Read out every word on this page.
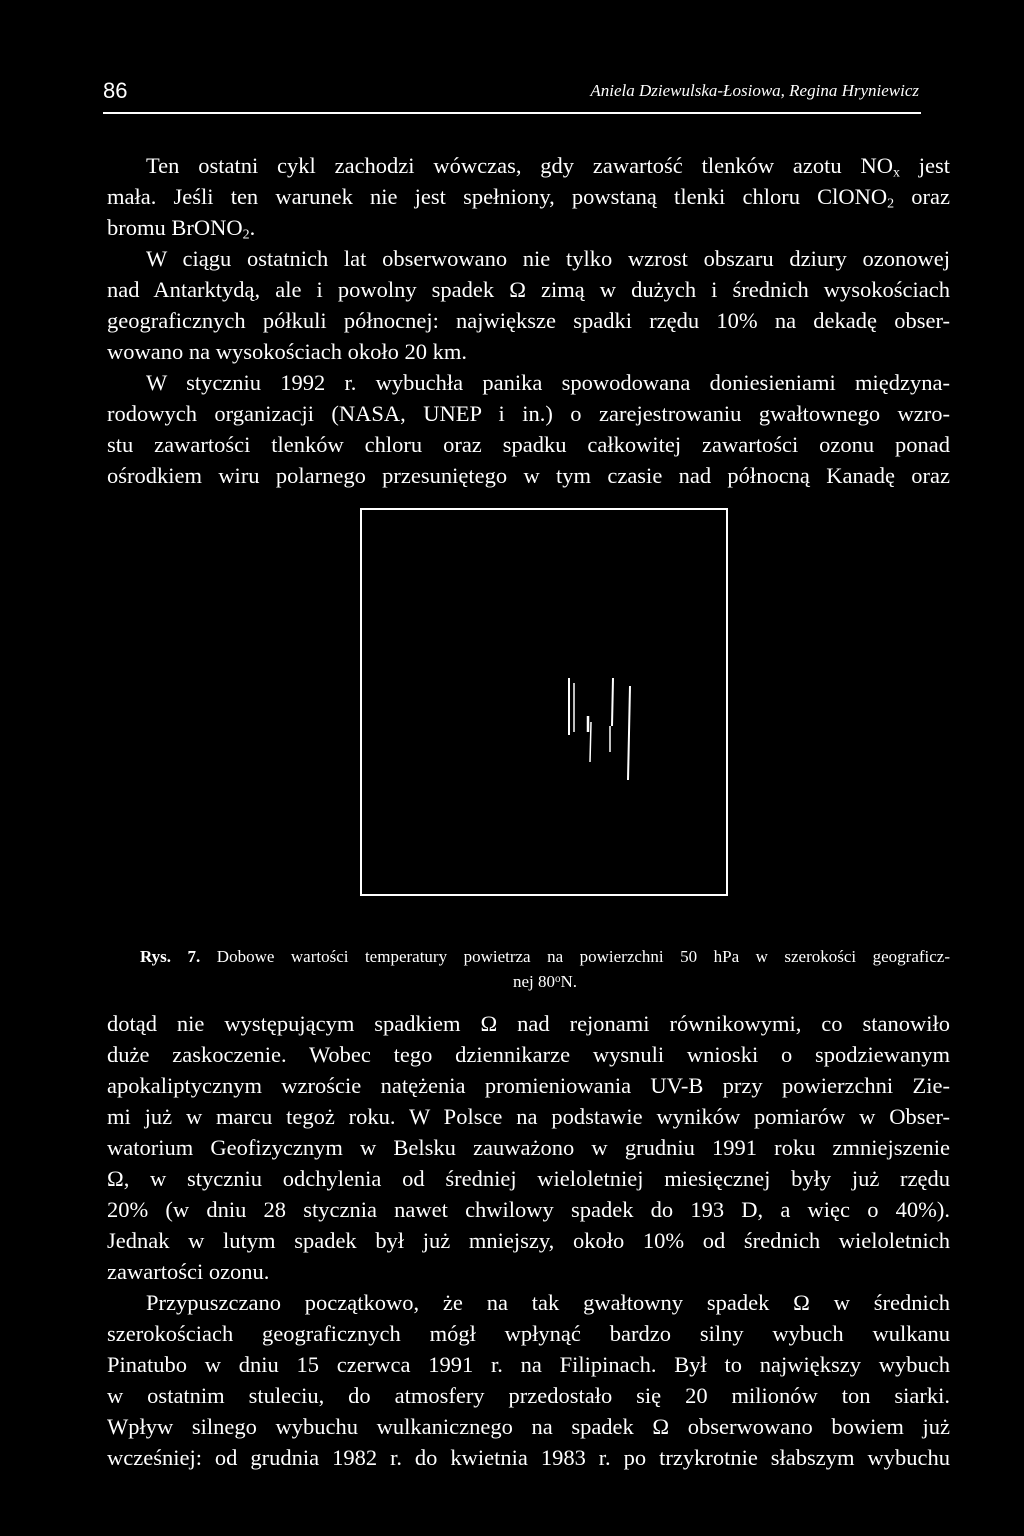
86	Aniela Dziewulska-Łosiowa, Regina Hryniewicz
Ten ostatni cykl zachodzi wówczas, gdy zawartość tlenków azotu $NO_x$ jest
mała. Jeśli ten warunek nie jest spełniony, powstaną tlenki chloru ClONO$_2$ oraz
bromu BrONO$_2$.
W ciągu ostatnich lat obserwowano nie tylko wzrost obszaru dziury ozonowej
nad Antarktydą, ale i powolny spadek Ω zimą w dużych i średnich wysokościach
geograficznych półkuli północnej: największe spadki rzędu 10% na dekadę obser-
wowano na wysokościach około 20 km.
W styczniu 1992 r. wybuchła panika spowodowana doniesieniami międzyna-
rodowych organizacji (NASA, UNEP i in.) o zarejestrowaniu gwałtownego wzro-
stu zawartości tlenków chloru oraz spadku całkowitej zawartości ozonu ponad
ośrodkiem wiru polarnego przesuniętego w tym czasie nad północną Kanadę oraz
Rys. 7. Dobowe wartości temperatury powietrza na powierzchni 50 hPa w szerokości geograficz-
nej 80$^o$N.
dotąd nie występującym spadkiem Ω nad rejonami równikowymi, co stanowiło
duże zaskoczenie. Wobec tego dziennikarze wysnuli wnioski o spodziewanym
apokaliptycznym wzroście natężenia promieniowania UV-B przy powierzchni Zie-
mi już w marcu tegoż roku. W Polsce na podstawie wyników pomiarów w Obser-
watorium Geofizycznym w Belsku zauważono w grudniu 1991 roku zmniejszenie
Ω, w styczniu odchylenia od średniej wieloletniej miesięcznej były już rzędu
20% (w dniu 28 stycznia nawet chwilowy spadek do 193 D, a więc o 40%).
Jednak w lutym spadek był już mniejszy, około 10% od średnich wieloletnich
zawartości ozonu.
Przypuszczano początkowo, że na tak gwałtowny spadek Ω w średnich
szerokościach geograficznych mógł wpłynąć bardzo silny wybuch wulkanu
Pinatubo w dniu 15 czerwca 1991 r. na Filipinach. Był to największy wybuch
w ostatnim stuleciu, do atmosfery przedostało się 20 milionów ton siarki.
Wpływ silnego wybuchu wulkanicznego na spadek Ω obserwowano bowiem już
wcześniej: od grudnia 1982 r. do kwietnia 1983 r. po trzykrotnie słabszym wybuchu
